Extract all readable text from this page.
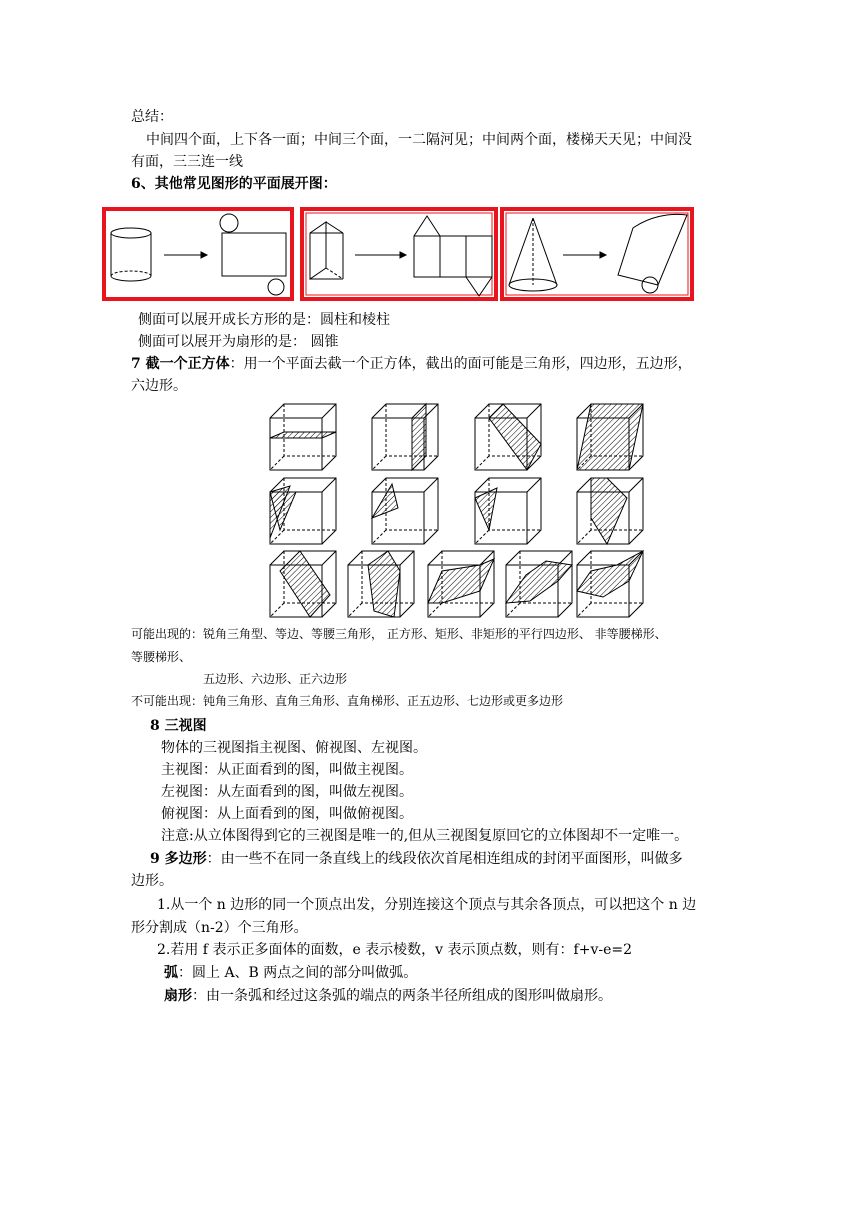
总结：
中间四个面，上下各一面；中间三个面，一二隔河见；中间两个面，楼梯天天见；中间没
有面，三三连一线
6、其他常见图形的平面展开图：
侧面可以展开成长方形的是：圆柱和棱柱
侧面可以展开为扇形的是： 圆锥
7 截一个正方体：用一个平面去截一个正方体，截出的面可能是三角形，四边形，五边形，
六边形。
可能出现的：锐角三角型、等边、等腰三角形， 正方形、矩形、非矩形的平行四边形、 非等腰梯形、
等腰梯形、
五边形、六边形、正六边形
不可能出现：钝角三角形、直角三角形、直角梯形、正五边形、七边形或更多边形
8 三视图
物体的三视图指主视图、俯视图、左视图。
主视图：从正面看到的图，叫做主视图。
左视图：从左面看到的图，叫做左视图。
俯视图：从上面看到的图，叫做俯视图。
注意:从立体图得到它的三视图是唯一的,但从三视图复原回它的立体图却不一定唯一。
9 多边形：由一些不在同一条直线上的线段依次首尾相连组成的封闭平面图形，叫做多
边形。
1.从一个 n 边形的同一个顶点出发，分别连接这个顶点与其余各顶点，可以把这个 n 边
形分割成（n-2）个三角形。
2.若用 f 表示正多面体的面数，e 表示棱数，v 表示顶点数，则有：f+v-e=2
弧：圆上 A、B 两点之间的部分叫做弧。
扇形：由一条弧和经过这条弧的端点的两条半径所组成的图形叫做扇形。
